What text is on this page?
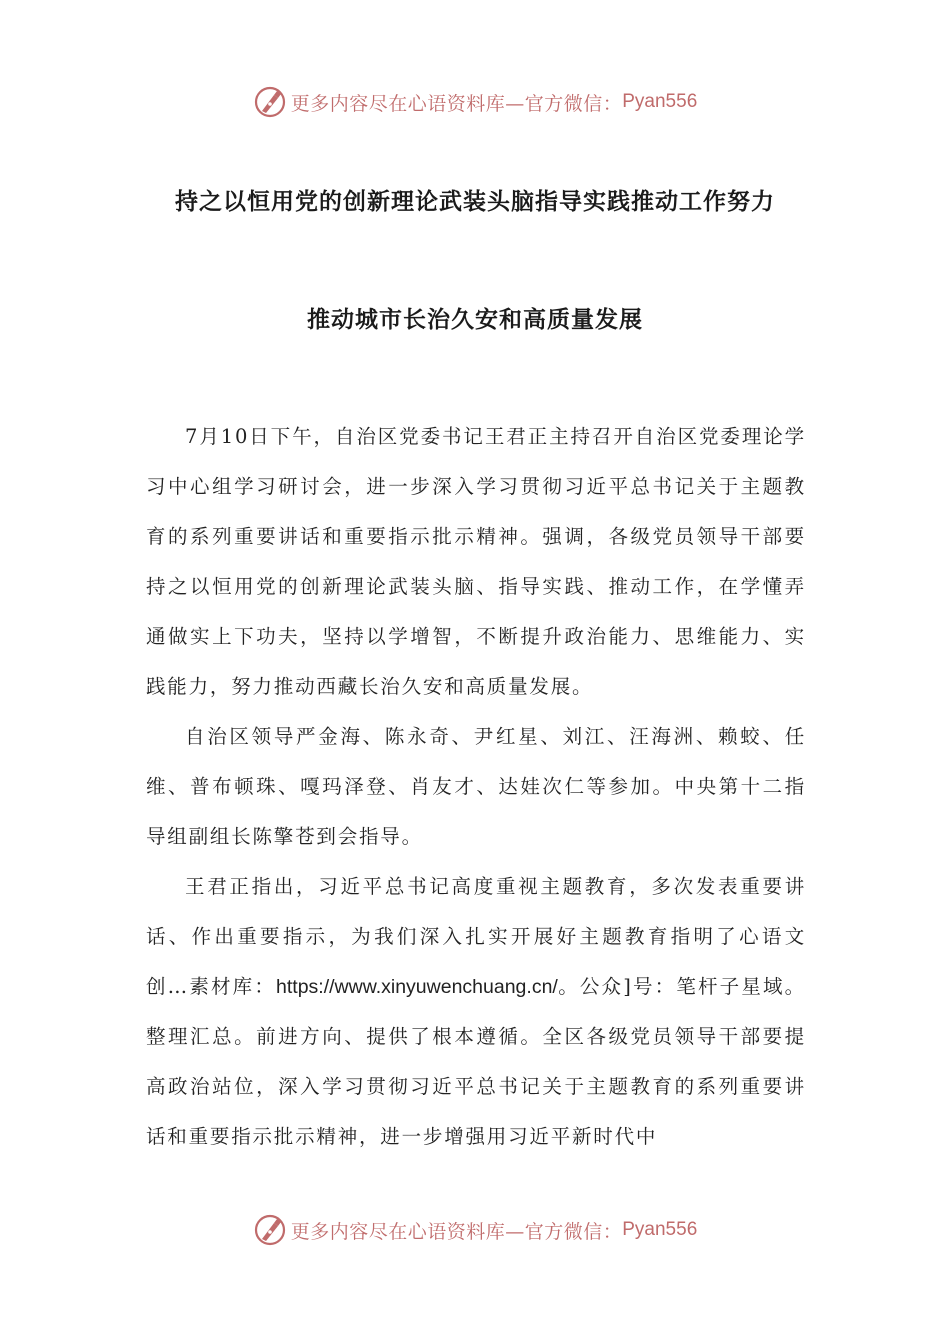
更多内容尽在心语资料库—官方微信： Pyan556
持之以恒用党的创新理论武装头脑指导实践推动工作努力
推动城市长治久安和高质量发展

7月10日下午，自治区党委书记王君正主持召开自治区党委理论学习中心组学习研讨会，进一步深入学习贯彻习近平总书记关于主题教育的系列重要讲话和重要指示批示精神。强调，各级党员领导干部要持之以恒用党的创新理论武装头脑、指导实践、推动工作，在学懂弄通做实上下功夫，坚持以学增智，不断提升政治能力、思维能力、实践能力，努力推动西藏长治久安和高质量发展。

自治区领导严金海、陈永奇、尹红星、刘江、汪海洲、赖蛟、任维、普布顿珠、嘎玛泽登、肖友才、达娃次仁等参加。中央第十二指导组副组长陈擎苍到会指导。

王君正指出，习近平总书记高度重视主题教育，多次发表重要讲话、作出重要指示，为我们深入扎实开展好主题教育指明了心语文创…素材库：https://www.xinyuwenchuang.cn/。公众]号：笔杆子星域。整理汇总。前进方向、提供了根本遵循。全区各级党员领导干部要提高政治站位，深入学习贯彻习近平总书记关于主题教育的系列重要讲话和重要指示批示精神，进一步增强用习近平新时代中

更多内容尽在心语资料库—官方微信： Pyan556
